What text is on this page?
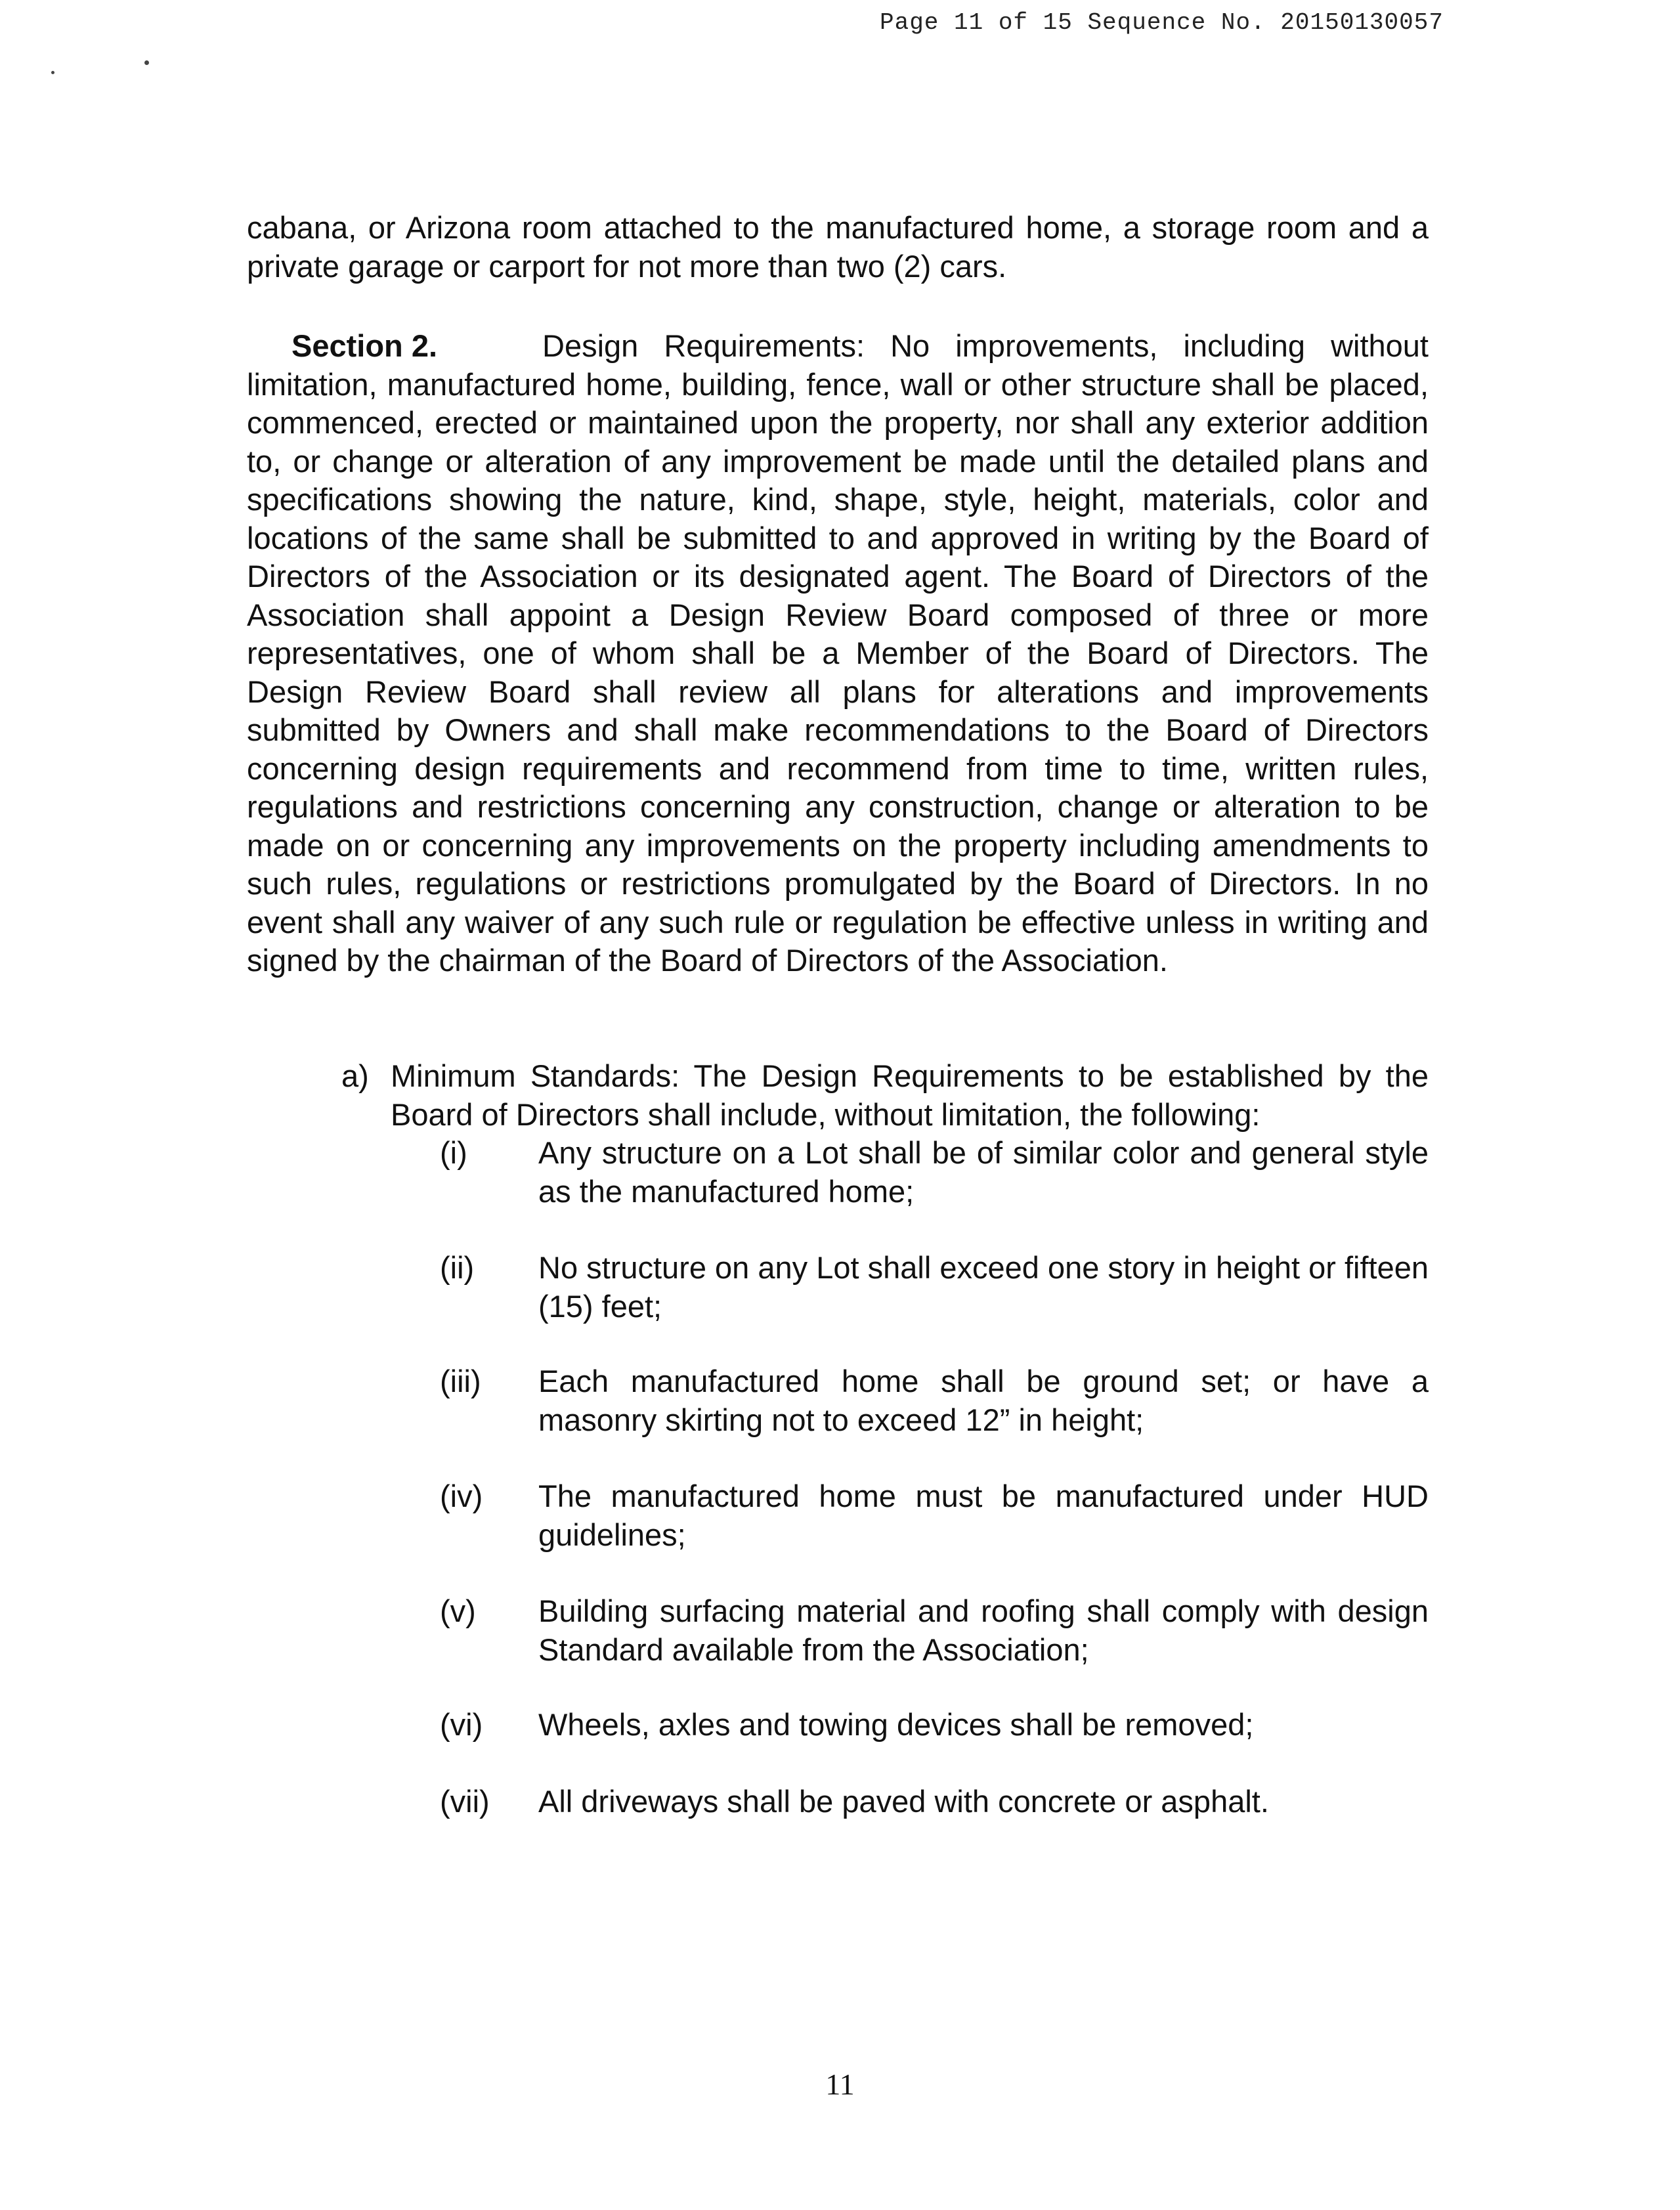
Page 11 of 15 Sequence No. 20150130057

cabana, or Arizona room attached to the manufactured home, a storage room and a private garage or carport for not more than two (2) cars.

Section 2.	Design Requirements: No improvements, including without limitation, manufactured home, building, fence, wall or other structure shall be placed, commenced, erected or maintained upon the property, nor shall any exterior addition to, or change or alteration of any improvement be made until the detailed plans and specifications showing the nature, kind, shape, style, height, materials, color and locations of the same shall be submitted to and approved in writing by the Board of Directors of the Association or its designated agent. The Board of Directors of the Association shall appoint a Design Review Board composed of three or more representatives, one of whom shall be a Member of the Board of Directors. The Design Review Board shall review all plans for alterations and improvements submitted by Owners and shall make recommendations to the Board of Directors concerning design requirements and recommend from time to time, written rules, regulations and restrictions concerning any construction, change or alteration to be made on or concerning any improvements on the property including amendments to such rules, regulations or restrictions promulgated by the Board of Directors. In no event shall any waiver of any such rule or regulation be effective unless in writing and signed by the chairman of the Board of Directors of the Association.

a) Minimum Standards: The Design Requirements to be established by the Board of Directors shall include, without limitation, the following:
(i)	Any structure on a Lot shall be of similar color and general style as the manufactured home;
(ii)	No structure on any Lot shall exceed one story in height or fifteen (15) feet;
(iii)	Each manufactured home shall be ground set; or have a masonry skirting not to exceed 12” in height;
(iv)	The manufactured home must be manufactured under HUD guidelines;
(v)	Building surfacing material and roofing shall comply with design Standard available from the Association;
(vi)	Wheels, axles and towing devices shall be removed;
(vii)	All driveways shall be paved with concrete or asphalt.
11
